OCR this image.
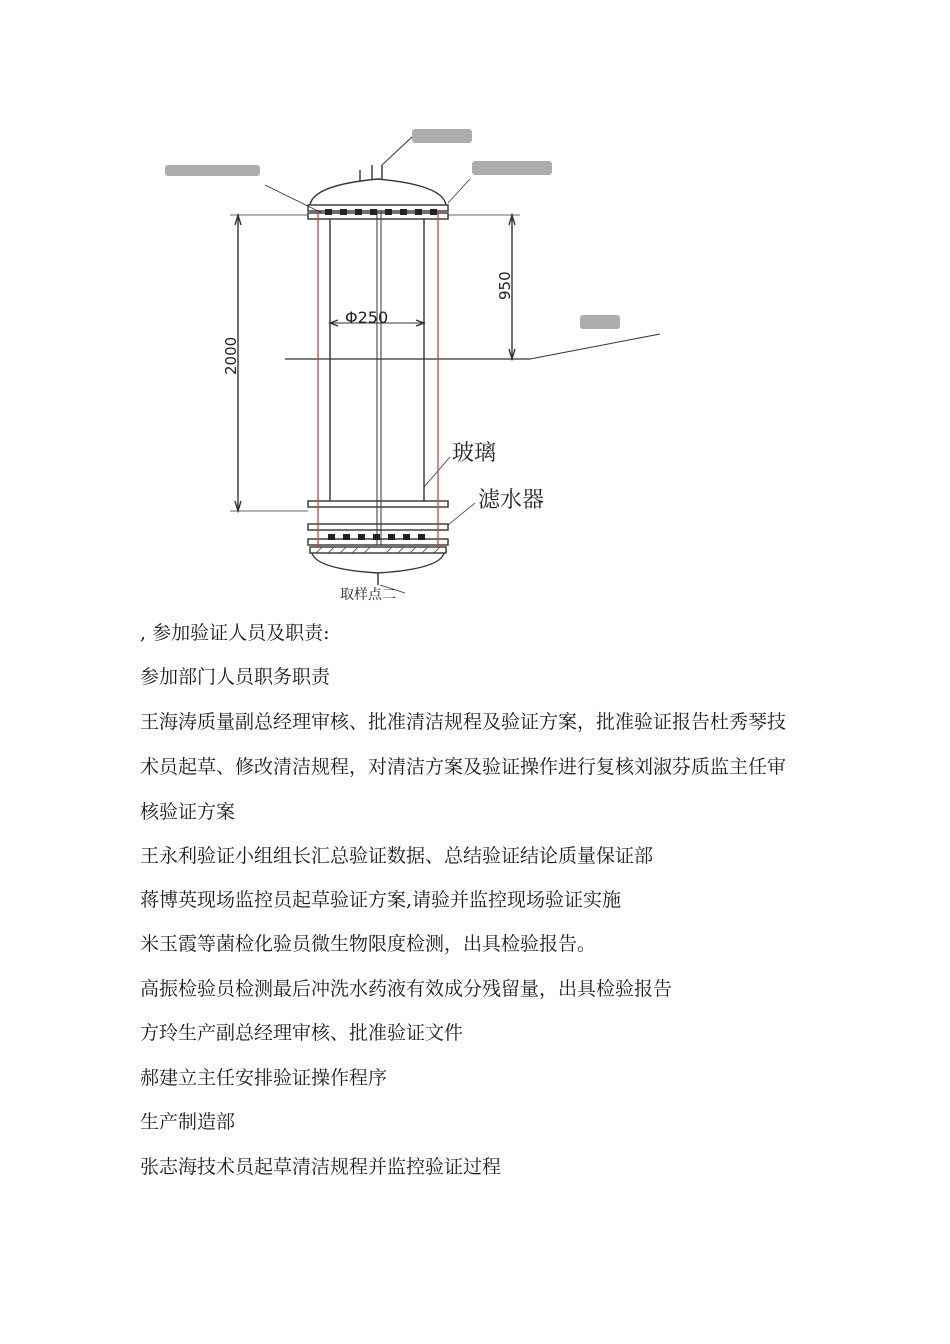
Φ250
2000
950
玻璃
滤水器
取样点二

, 参加验证人员及职责:

参加部门人员职务职责

王海涛质量副总经理审核、批准清洁规程及验证方案，批准验证报告杜秀琴技

术员起草、修改清洁规程，对清洁方案及验证操作进行复核刘淑芬质监主任审

核验证方案

王永利验证小组组长汇总验证数据、总结验证结论质量保证部

蒋博英现场监控员起草验证方案,请验并监控现场验证实施

米玉霞等菌检化验员微生物限度检测，出具检验报告。

高振检验员检测最后冲洗水药液有效成分残留量，出具检验报告

方玲生产副总经理审核、批准验证文件

郝建立主任安排验证操作程序

生产制造部

张志海技术员起草清洁规程并监控验证过程
